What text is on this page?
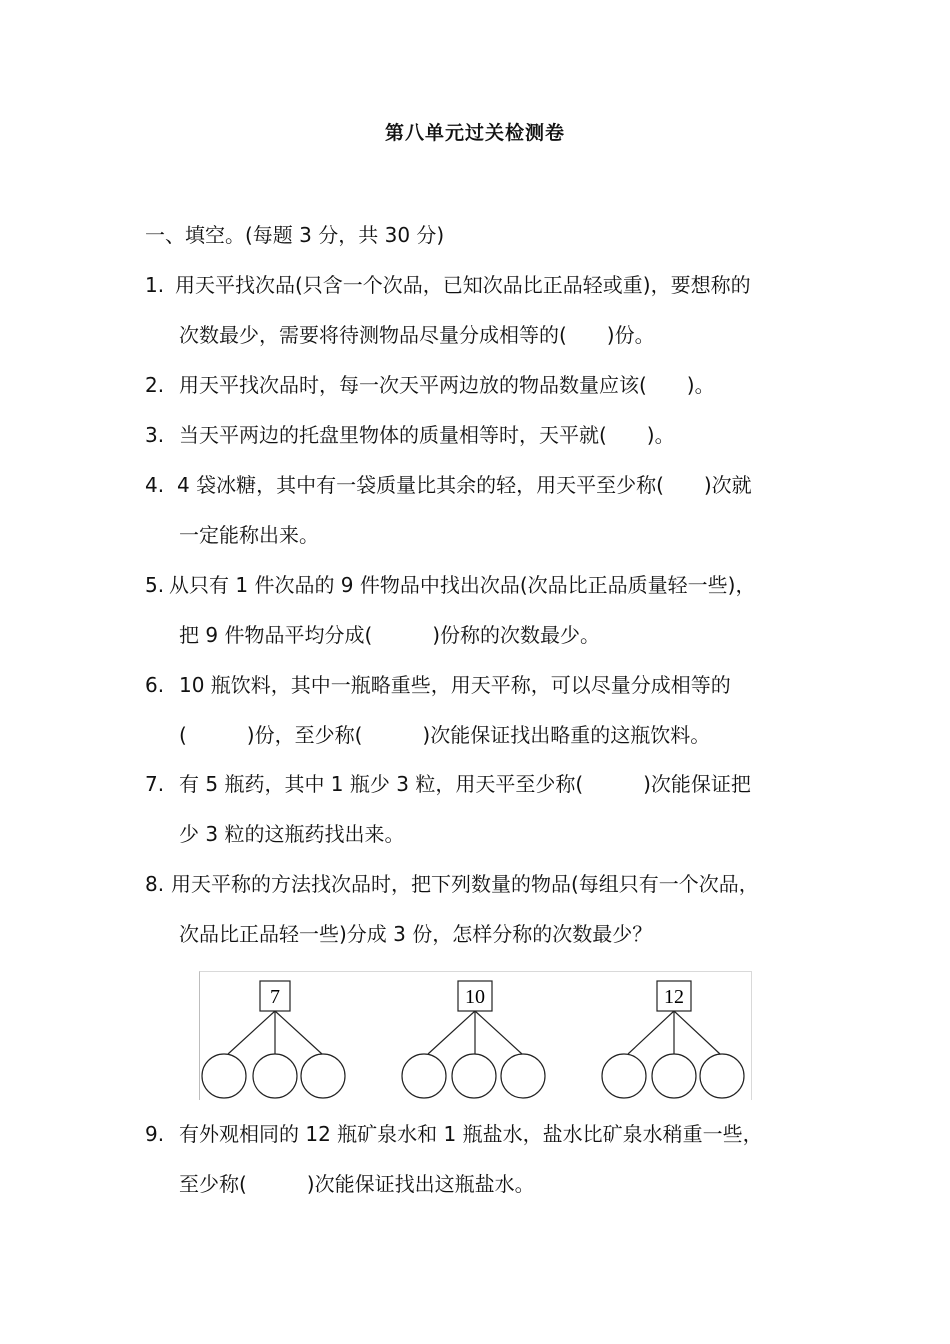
第八单元过关检测卷
一、填空。(每题 3 分，共 30 分)
1. 用天平找次品(只含一个次品，已知次品比正品轻或重)，要想称的
次数最少，需要将待测物品尽量分成相等的(　　)份。
2. 用天平找次品时，每一次天平两边放的物品数量应该(　　)。
3. 当天平两边的托盘里物体的质量相等时，天平就(　　)。
4. 4 袋冰糖，其中有一袋质量比其余的轻，用天平至少称(　　)次就
一定能称出来。
5. 从只有 1 件次品的 9 件物品中找出次品(次品比正品质量轻一些)，
把 9 件物品平均分成(　　　)份称的次数最少。
6. 10 瓶饮料，其中一瓶略重些，用天平称，可以尽量分成相等的
(　　　)份，至少称(　　　)次能保证找出略重的这瓶饮料。
7. 有 5 瓶药，其中 1 瓶少 3 粒，用天平至少称(　　　)次能保证把
少 3 粒的这瓶药找出来。
8. 用天平称的方法找次品时，把下列数量的物品(每组只有一个次品，
次品比正品轻一些)分成 3 份，怎样分称的次数最少？
7	10	12
9. 有外观相同的 12 瓶矿泉水和 1 瓶盐水，盐水比矿泉水稍重一些，
至少称(　　　)次能保证找出这瓶盐水。
